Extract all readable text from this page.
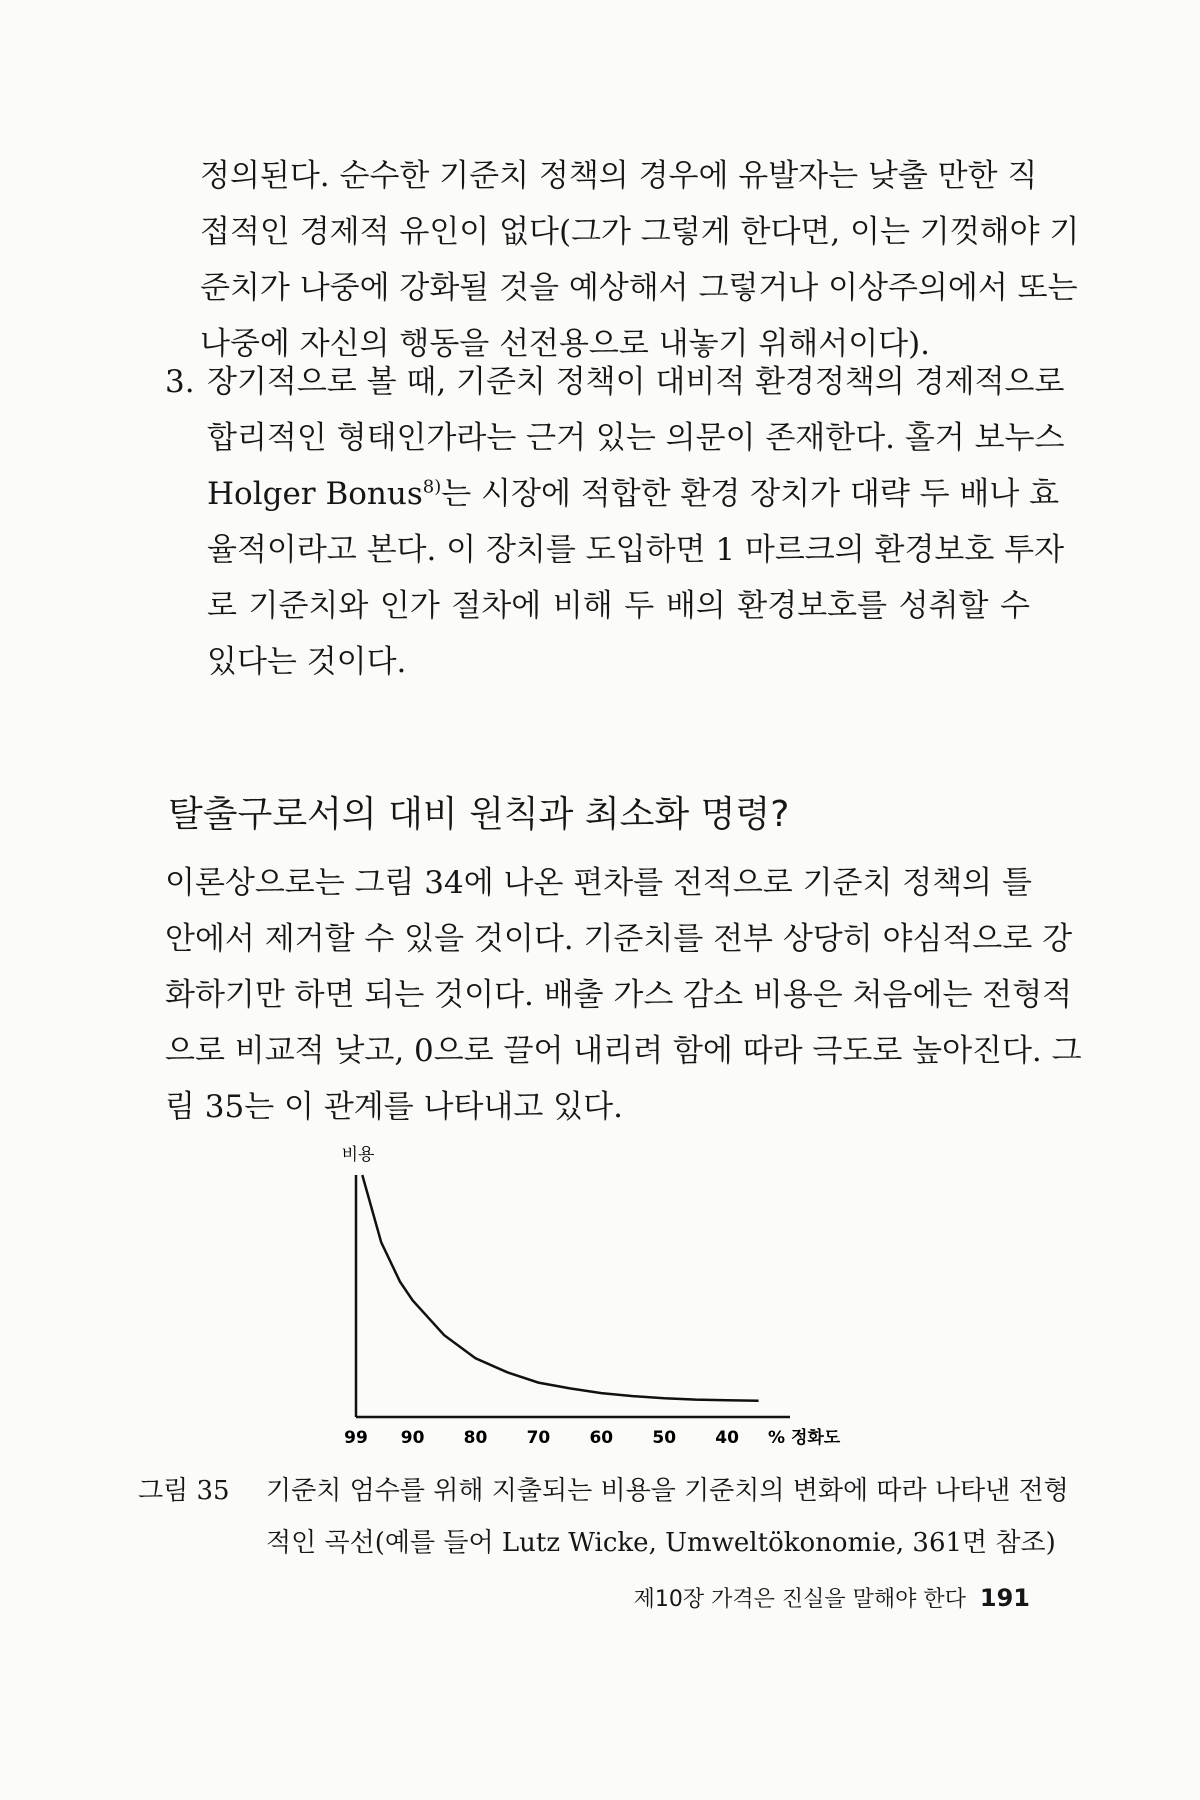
정의된다. 순수한 기준치 정책의 경우에 유발자는 낮출 만한 직
접적인 경제적 유인이 없다(그가 그렇게 한다면, 이는 기껏해야 기
준치가 나중에 강화될 것을 예상해서 그렇거나 이상주의에서 또는
나중에 자신의 행동을 선전용으로 내놓기 위해서이다).
3. 장기적으로 볼 때, 기준치 정책이 대비적 환경정책의 경제적으로
합리적인 형태인가라는 근거 있는 의문이 존재한다. 홀거 보누스
Holger Bonus$^{8)}$는 시장에 적합한 환경 장치가 대략 두 배나 효
율적이라고 본다. 이 장치를 도입하면 1 마르크의 환경보호 투자
로 기준치와 인가 절차에 비해 두 배의 환경보호를 성취할 수
있다는 것이다.
탈출구로서의 대비 원칙과 최소화 명령?
이론상으로는 그림 34에 나온 편차를 전적으로 기준치 정책의 틀
안에서 제거할 수 있을 것이다. 기준치를 전부 상당히 야심적으로 강
화하기만 하면 되는 것이다. 배출 가스 감소 비용은 처음에는 전형적
으로 비교적 낮고, 0으로 끌어 내리려 함에 따라 극도로 높아진다. 그
림 35는 이 관계를 나타내고 있다.
비용
99 90 80 70 60 50 40 % 정화도
그림 35 기준치 엄수를 위해 지출되는 비용을 기준치의 변화에 따라 나타낸 전형
적인 곡선(예를 들어 Lutz Wicke, Umweltökonomie, 361면 참조)
제10장 가격은 진실을 말해야 한다 191
